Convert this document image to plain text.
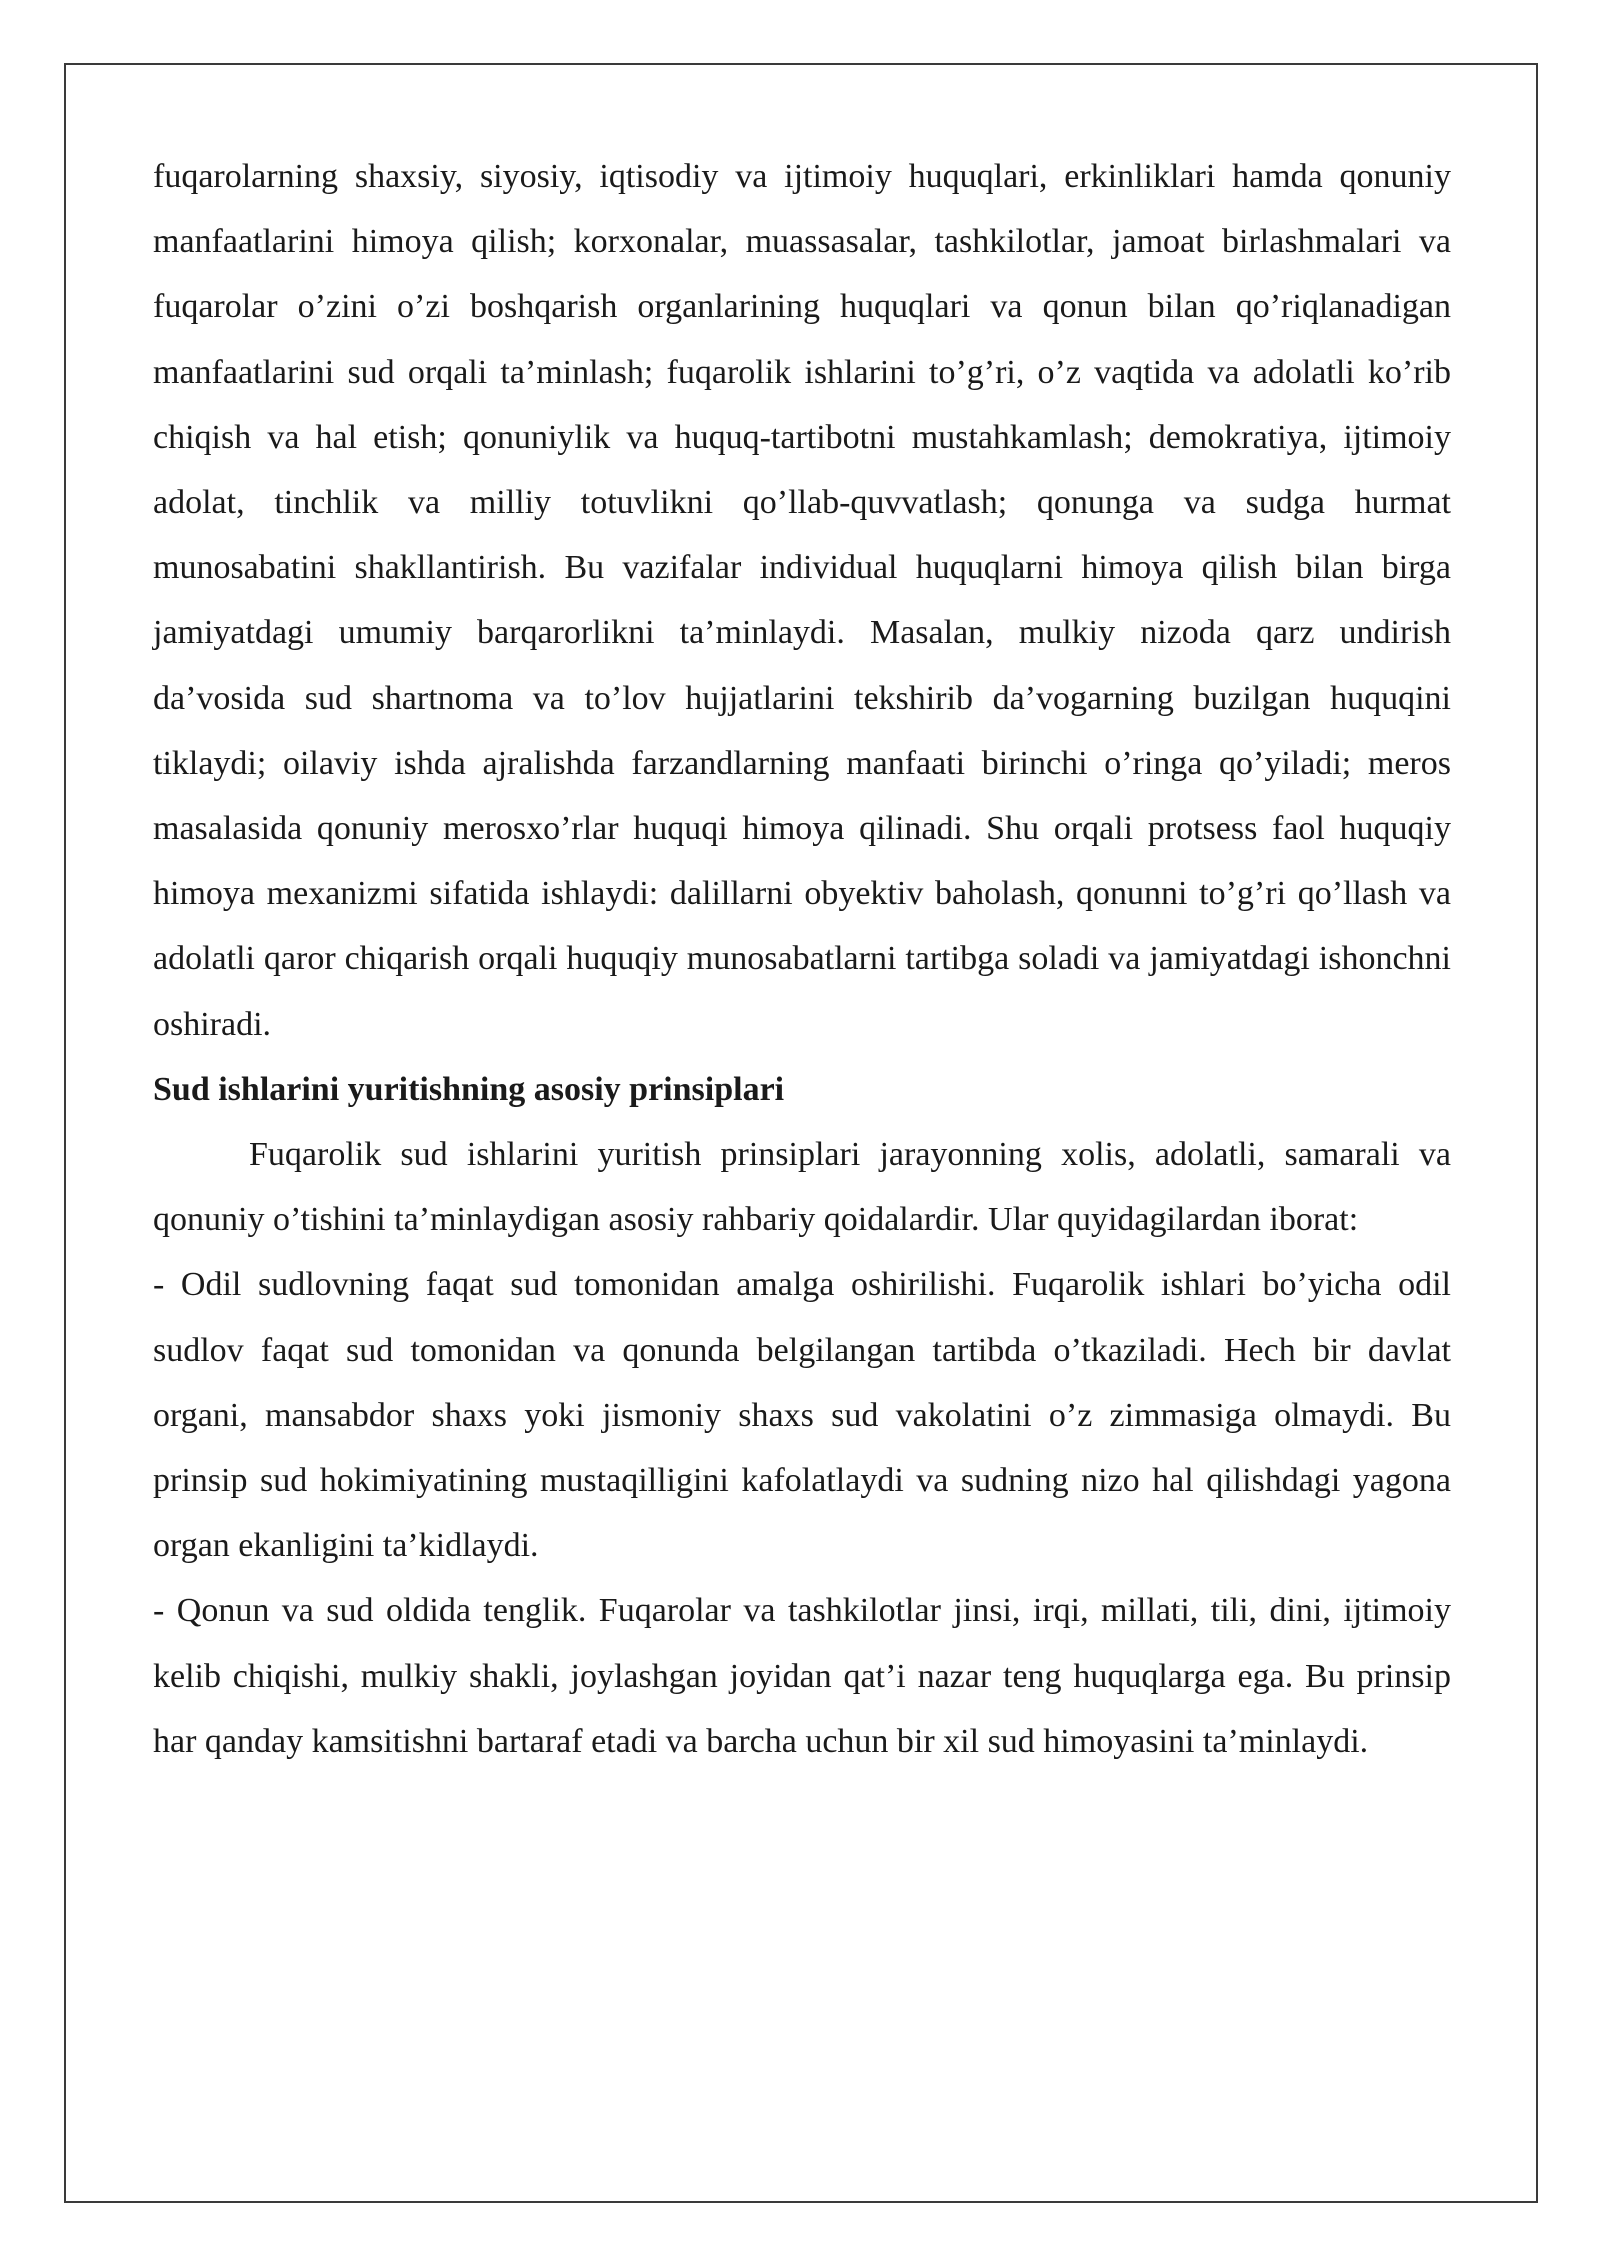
fuqarolarning shaxsiy, siyosiy, iqtisodiy va ijtimoiy huquqlari, erkinliklari hamda qonuniy manfaatlarini himoya qilish; korxonalar, muassasalar, tashkilotlar, jamoat birlashmalari va fuqarolar o’zini o’zi boshqarish organlarining huquqlari va qonun bilan qo’riqlanadigan manfaatlarini sud orqali ta’minlash; fuqarolik ishlarini to’g’ri, o’z vaqtida va adolatli ko’rib chiqish va hal etish; qonuniylik va huquq-tartibotni mustahkamlash; demokratiya, ijtimoiy adolat, tinchlik va milliy totuvlikni qo’llab-quvvatlash; qonunga va sudga hurmat munosabatini shakllantirish. Bu vazifalar individual huquqlarni himoya qilish bilan birga jamiyatdagi umumiy barqarorlikni ta’minlaydi. Masalan, mulkiy nizoda qarz undirish da’vosida sud shartnoma va to’lov hujjatlarini tekshirib da’vogarning buzilgan huquqini tiklaydi; oilaviy ishda ajralishda farzandlarning manfaati birinchi o’ringa qo’yiladi; meros masalasida qonuniy merosxo’rlar huquqi himoya qilinadi. Shu orqali protsess faol huquqiy himoya mexanizmi sifatida ishlaydi: dalillarni obyektiv baholash, qonunni to’g’ri qo’llash va adolatli qaror chiqarish orqali huquqiy munosabatlarni tartibga soladi va jamiyatdagi ishonchni oshiradi.

Sud ishlarini yuritishning asosiy prinsiplari

Fuqarolik sud ishlarini yuritish prinsiplari jarayonning xolis, adolatli, samarali va qonuniy o’tishini ta’minlaydigan asosiy rahbariy qoidalardir. Ular quyidagilardan iborat:

- Odil sudlovning faqat sud tomonidan amalga oshirilishi. Fuqarolik ishlari bo’yicha odil sudlov faqat sud tomonidan va qonunda belgilangan tartibda o’tkaziladi. Hech bir davlat organi, mansabdor shaxs yoki jismoniy shaxs sud vakolatini o’z zimmasiga olmaydi. Bu prinsip sud hokimiyatining mustaqilligini kafolatlaydi va sudning nizo hal qilishdagi yagona organ ekanligini ta’kidlaydi.

- Qonun va sud oldida tenglik. Fuqarolar va tashkilotlar jinsi, irqi, millati, tili, dini, ijtimoiy kelib chiqishi, mulkiy shakli, joylashgan joyidan qat’i nazar teng huquqlarga ega. Bu prinsip har qanday kamsitishni bartaraf etadi va barcha uchun bir xil sud himoyasini ta’minlaydi.
